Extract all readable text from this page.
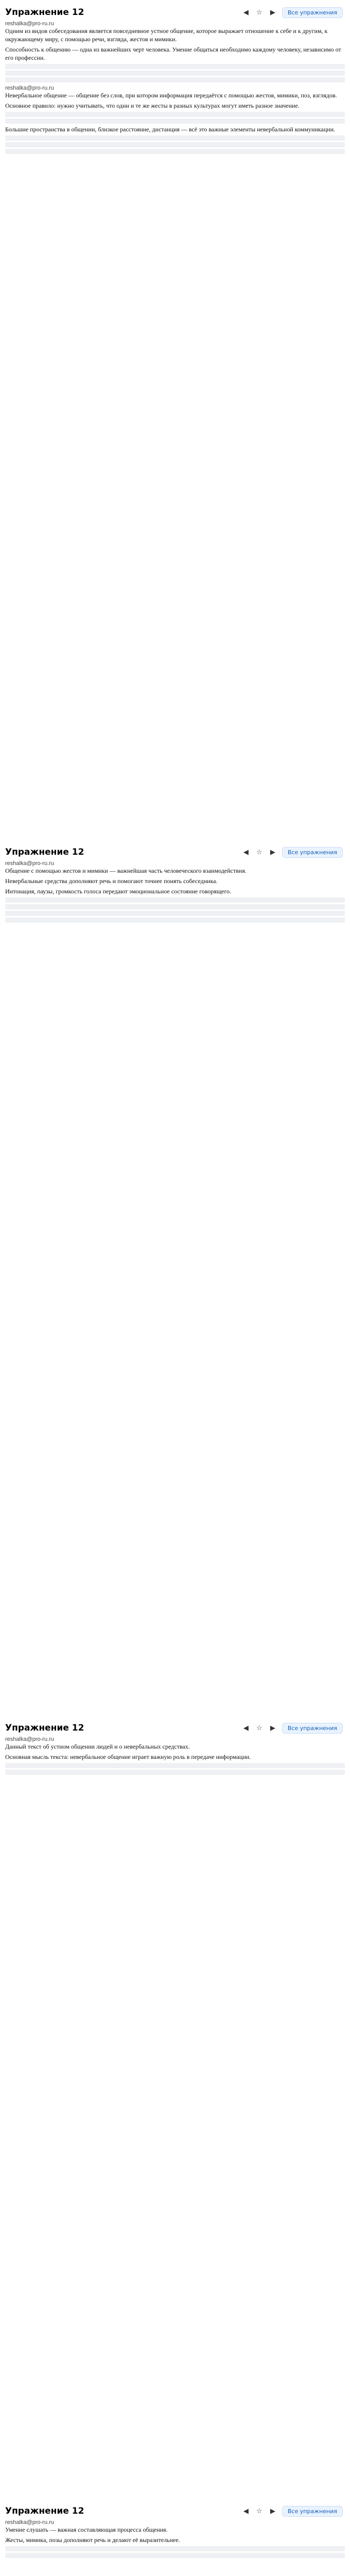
Упражнение 12	◀ ☆ ▶	Все упражнения
reshalka@pro-ru.ru

Одним из видов собеседования является повседневное устное общение, которое выражает отношение к себе и к другим, к окружающему миру, с помощью речи, взгляда, жестов и мимики.

Способность к общению — одна из важнейших черт человека. Умение общаться необходимо каждому человеку, независимо от его профессии.

reshalka@pro-ru.ru

Невербальное общение — общение без слов, при котором информация передаётся с помощью жестов, мимики, поз, взглядов.

Основное правило: нужно учитывать, что одни и те же жесты в разных культурах могут иметь разное значение.

Большие пространства в общении, близкое расстояние, дистанция — всё это важные элементы невербальной коммуникации.

Упражнение 12	◀ ☆ ▶	Все упражнения
reshalka@pro-ru.ru

Общение с помощью жестов и мимики — важнейшая часть человеческого взаимодействия.

Невербальные средства дополняют речь и помогают точнее понять собеседника.

Интонация, паузы, громкость голоса передают эмоциональное состояние говорящего.

Упражнение 12	◀ ☆ ▶	Все упражнения
reshalka@pro-ru.ru

Данный текст об устном общении людей и о невербальных средствах.

Основная мысль текста: невербальное общение играет важную роль в передаче информации.

Упражнение 12	◀ ☆ ▶	Все упражнения
reshalka@pro-ru.ru

Умение слушать — важная составляющая процесса общения.

Жесты, мимика, позы дополняют речь и делают её выразительнее.
